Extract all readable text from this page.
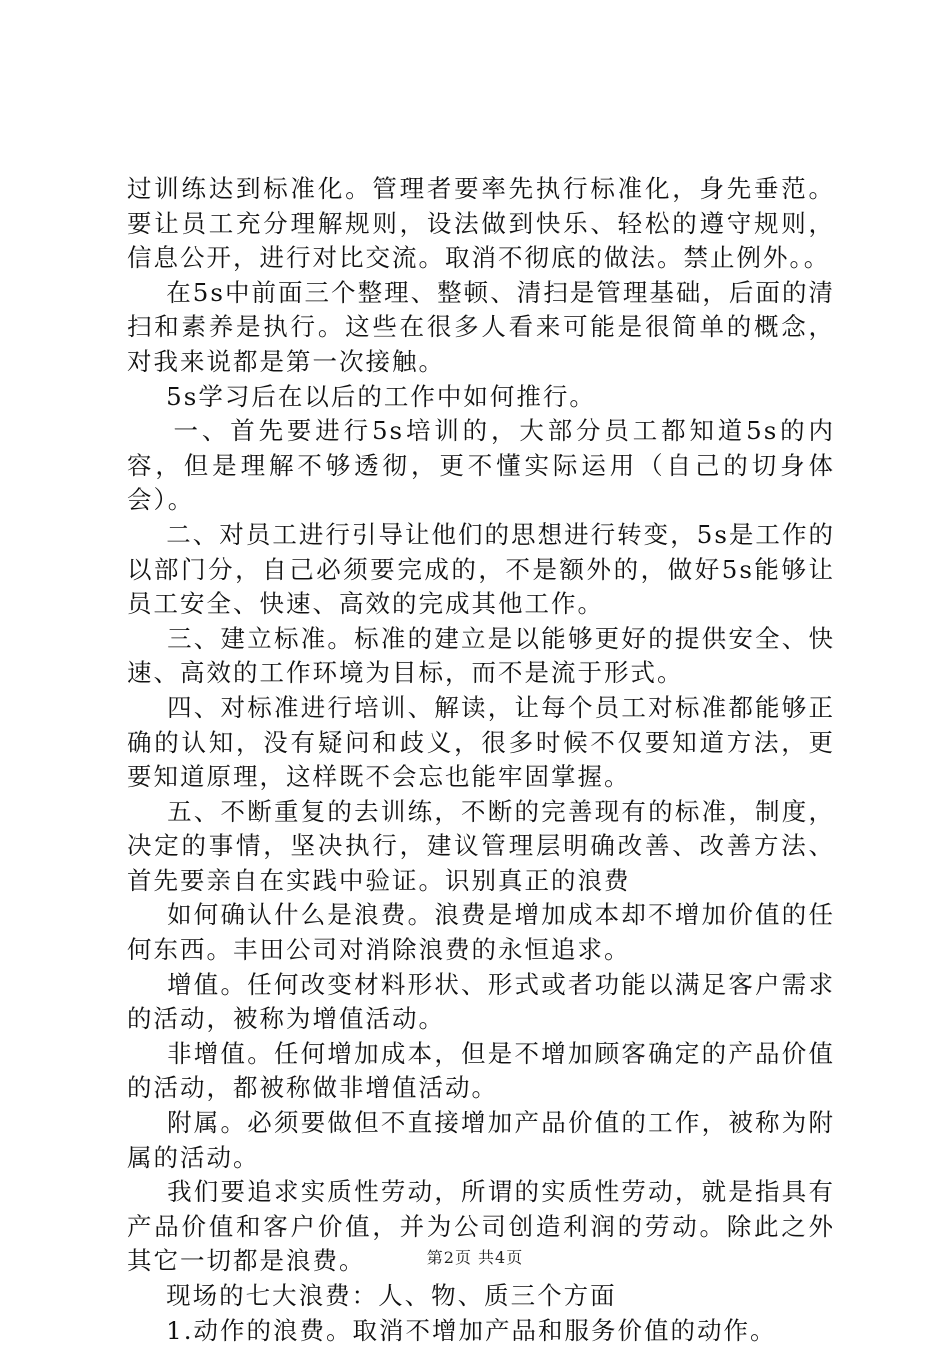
过训练达到标准化。管理者要率先执行标准化，身先垂范。要让员工充分理解规则，设法做到快乐、轻松的遵守规则，信息公开，进行对比交流。取消不彻底的做法。禁止例外。。

在5s中前面三个整理、整顿、清扫是管理基础，后面的清扫和素养是执行。这些在很多人看来可能是很简单的概念，对我来说都是第一次接触。

5s学习后在以后的工作中如何推行。

一、首先要进行5s培训的，大部分员工都知道5s的内容，但是理解不够透彻，更不懂实际运用（自己的切身体会）。

二、对员工进行引导让他们的思想进行转变，5s是工作的以部门分，自己必须要完成的，不是额外的，做好5s能够让员工安全、快速、高效的完成其他工作。

三、建立标准。标准的建立是以能够更好的提供安全、快速、高效的工作环境为目标，而不是流于形式。

四、对标准进行培训、解读，让每个员工对标准都能够正确的认知，没有疑问和歧义，很多时候不仅要知道方法，更要知道原理，这样既不会忘也能牢固掌握。

五、不断重复的去训练，不断的完善现有的标准，制度，决定的事情，坚决执行，建议管理层明确改善、改善方法、首先要亲自在实践中验证。识别真正的浪费

如何确认什么是浪费。浪费是增加成本却不增加价值的任何东西。丰田公司对消除浪费的永恒追求。

增值。任何改变材料形状、形式或者功能以满足客户需求的活动，被称为增值活动。

非增值。任何增加成本，但是不增加顾客确定的产品价值的活动，都被称做非增值活动。

附属。必须要做但不直接增加产品价值的工作，被称为附属的活动。

我们要追求实质性劳动，所谓的实质性劳动，就是指具有产品价值和客户价值，并为公司创造利润的劳动。除此之外其它一切都是浪费。

现场的七大浪费：人、物、质三个方面

1.动作的浪费。取消不增加产品和服务价值的动作。

第2页 共4页
